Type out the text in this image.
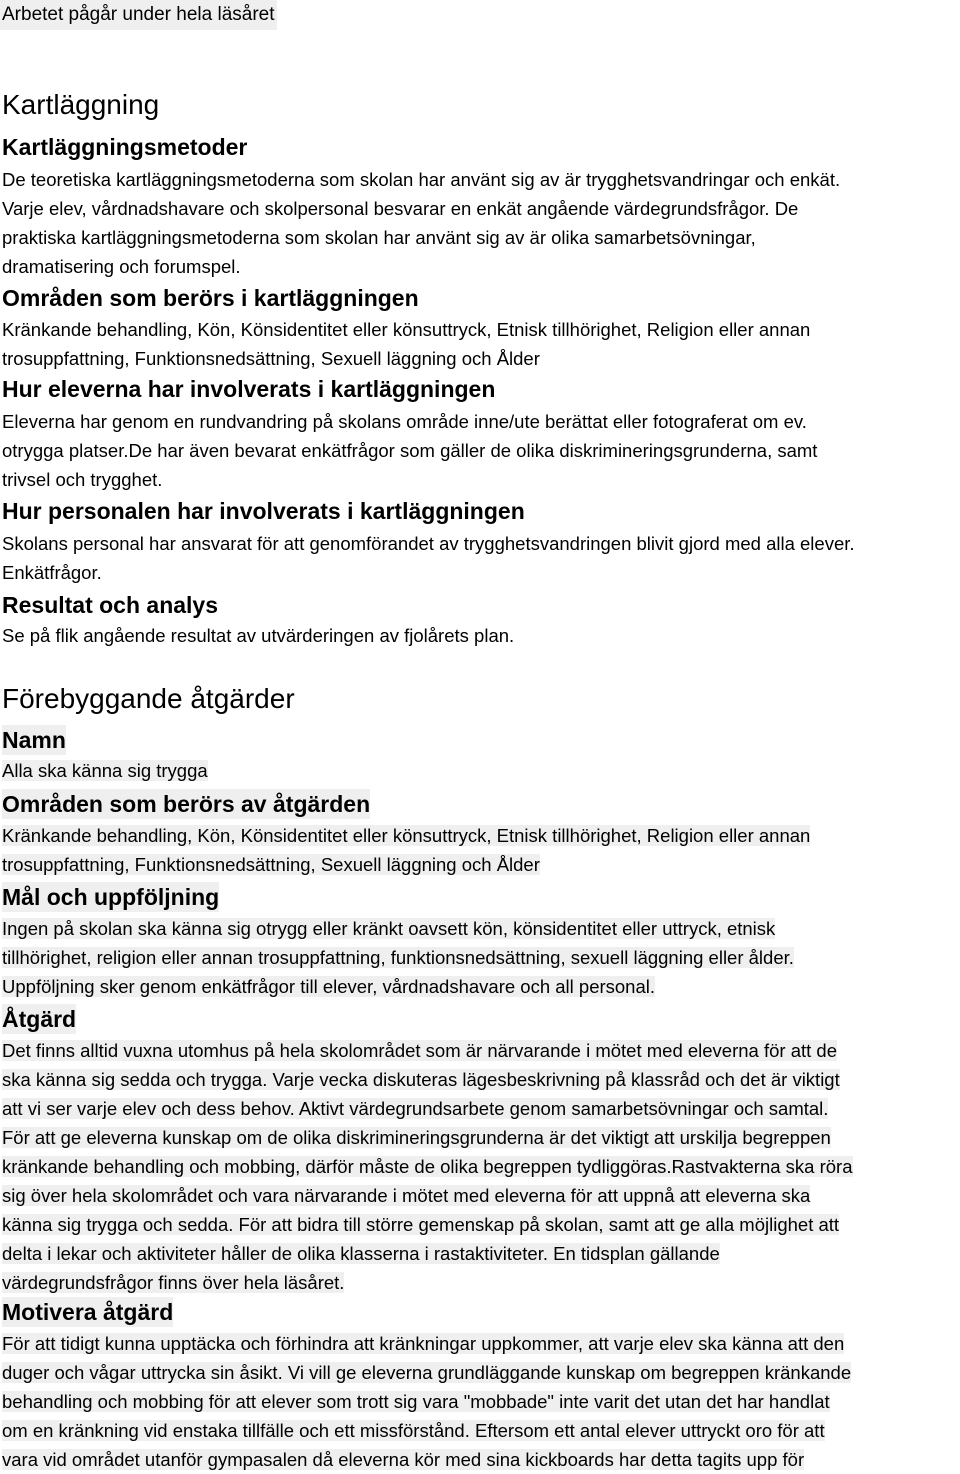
Arbetet pågår under hela läsåret
Kartläggning
Kartläggningsmetoder

De teoretiska kartläggningsmetoderna som skolan har använt sig av är trygghetsvandringar och enkät.
Varje elev, vårdnadshavare och skolpersonal besvarar en enkät angående värdegrundsfrågor. De
praktiska kartläggningsmetoderna som skolan har använt sig av är olika samarbetsövningar,
dramatisering och forumspel.

Områden som berörs i kartläggningen

Kränkande behandling, Kön, Könsidentitet eller könsuttryck, Etnisk tillhörighet, Religion eller annan
trosuppfattning, Funktionsnedsättning, Sexuell läggning och Ålder

Hur eleverna har involverats i kartläggningen

Eleverna har genom en rundvandring på skolans område inne/ute berättat eller fotograferat om ev.
otrygga platser.De har även bevarat enkätfrågor som gäller de olika diskrimineringsgrunderna, samt
trivsel och trygghet.

Hur personalen har involverats i kartläggningen

Skolans personal har ansvarat för att genomförandet av trygghetsvandringen blivit gjord med alla elever.
Enkätfrågor.

Resultat och analys

Se på flik angående resultat av utvärderingen av fjolårets plan.

Förebyggande åtgärder
Namn
Alla ska känna sig trygga
Områden som berörs av åtgärden
Kränkande behandling, Kön, Könsidentitet eller könsuttryck, Etnisk tillhörighet, Religion eller annan
trosuppfattning, Funktionsnedsättning, Sexuell läggning och Ålder
Mål och uppföljning
Ingen på skolan ska känna sig otrygg eller kränkt oavsett kön, könsidentitet eller uttryck, etnisk
tillhörighet, religion eller annan trosuppfattning, funktionsnedsättning, sexuell läggning eller ålder.
Uppföljning sker genom enkätfrågor till elever, vårdnadshavare och all personal.
Åtgärd
Det finns alltid vuxna utomhus på hela skolområdet som är närvarande i mötet med eleverna för att de
ska känna sig sedda och trygga. Varje vecka diskuteras lägesbeskrivning på klassråd och det är viktigt
att vi ser varje elev och dess behov. Aktivt värdegrundsarbete genom samarbetsövningar och samtal.
För att ge eleverna kunskap om de olika diskrimineringsgrunderna är det viktigt att urskilja begreppen
kränkande behandling och mobbing, därför måste de olika begreppen tydliggöras.Rastvakterna ska röra
sig över hela skolområdet och vara närvarande i mötet med eleverna för att uppnå att eleverna ska
känna sig trygga och sedda. För att bidra till större gemenskap på skolan, samt att ge alla möjlighet att
delta i lekar och aktiviteter håller de olika klasserna i rastaktiviteter. En tidsplan gällande
värdegrundsfrågor finns över hela läsåret.
Motivera åtgärd
För att tidigt kunna upptäcka och förhindra att kränkningar uppkommer, att varje elev ska känna att den
duger och vågar uttrycka sin åsikt. Vi vill ge eleverna grundläggande kunskap om begreppen kränkande
behandling och mobbing för att elever som trott sig vara "mobbade" inte varit det utan det har handlat
om en kränkning vid enstaka tillfälle och ett missförstånd. Eftersom ett antal elever uttryckt oro för att
vara vid området utanför gympasalen då eleverna kör med sina kickboards har detta tagits upp för
